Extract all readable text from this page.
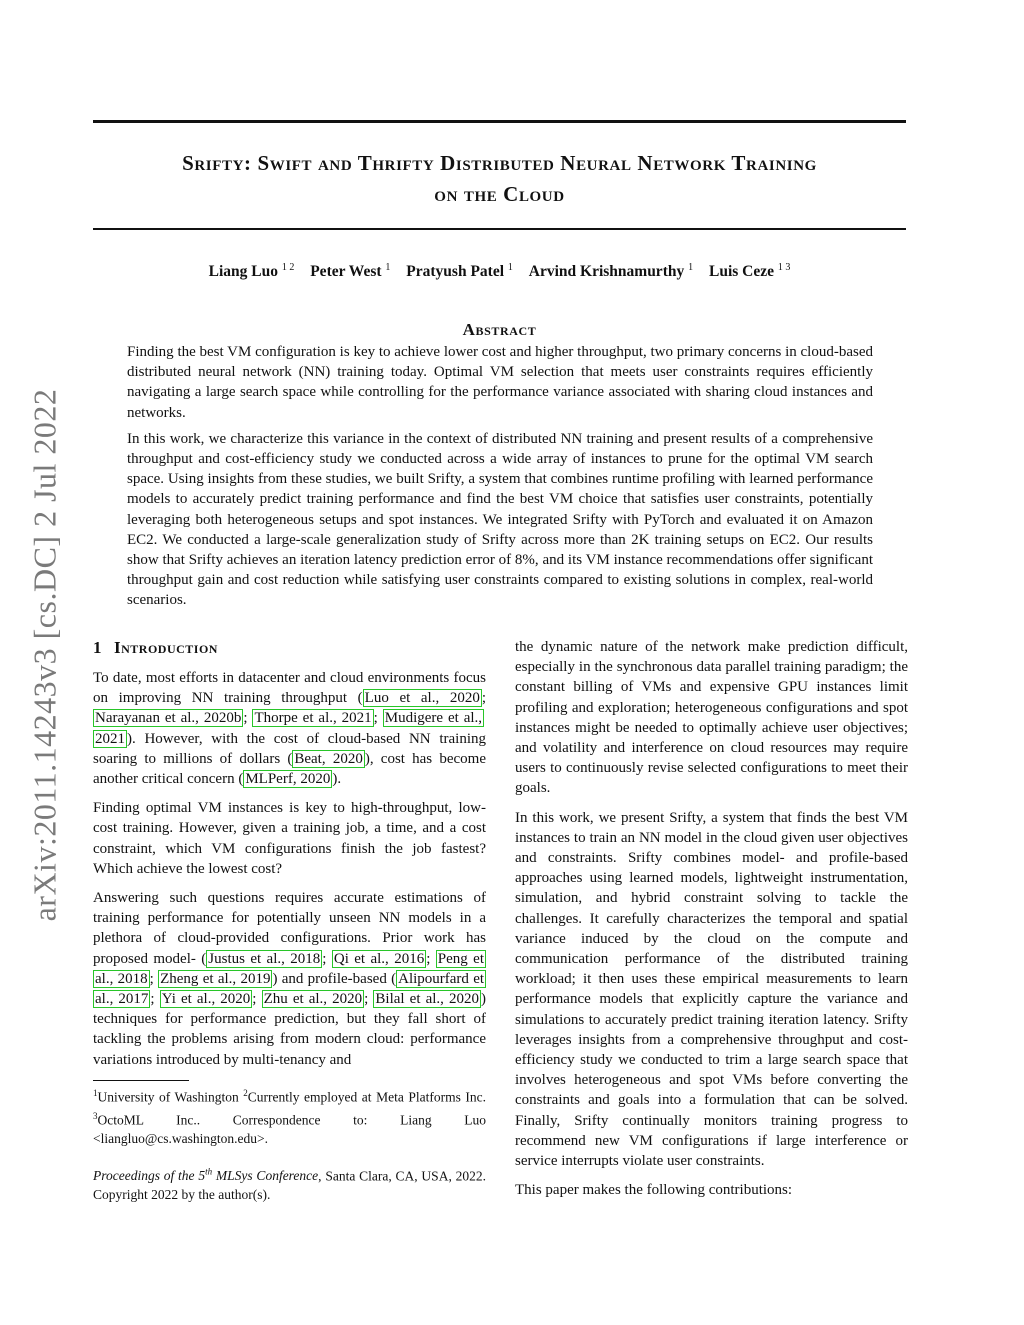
Srifty: Swift and Thrifty Distributed Neural Network Training
on the Cloud
Liang Luo $^{1 2}$ Peter West $^1$ Pratyush Patel $^1$ Arvind Krishnamurthy $^1$ Luis Ceze $^{1 3}$
Abstract

Finding the best VM configuration is key to achieve lower cost and higher throughput, two primary concerns in cloud-based distributed neural network (NN) training today. Optimal VM selection that meets user constraints requires efficiently navigating a large search space while controlling for the performance variance associated with sharing cloud instances and networks.

In this work, we characterize this variance in the context of distributed NN training and present results of a comprehensive throughput and cost-efficiency study we conducted across a wide array of instances to prune for the optimal VM search space. Using insights from these studies, we built Srifty, a system that combines runtime profiling with learned performance models to accurately predict training performance and find the best VM choice that satisfies user constraints, potentially leveraging both heterogeneous setups and spot instances. We integrated Srifty with PyTorch and evaluated it on Amazon EC2. We conducted a large-scale generalization study of Srifty across more than 2K training setups on EC2. Our results show that Srifty achieves an iteration latency prediction error of 8%, and its VM instance recommendations offer significant throughput gain and cost reduction while satisfying user constraints compared to existing solutions in complex, real-world scenarios.

arXiv:2011.14243v3 [cs.DC] 2 Jul 2022 1 Introduction

To date, most efforts in datacenter and cloud environments focus on improving NN training throughput ( Luo et al., 2020 ; Narayanan et al., 2020b ; Thorpe et al., 2021 ; Mudigere et al., 2021 ). However, with the cost of cloud-based NN training soaring to millions of dollars ( Beat, 2020 ), cost has become another critical concern ( MLPerf, 2020 ).

Finding optimal VM instances is key to high-throughput, low-cost training. However, given a training job, a time, and a cost constraint, which VM configurations finish the job fastest? Which achieve the lowest cost?

Answering such questions requires accurate estimations of training performance for potentially unseen NN models in a plethora of cloud-provided configurations. Prior work has proposed model- ( Justus et al., 2018 ; Qi et al., 2016 ; Peng et al., 2018 ; Zheng et al., 2019 ) and profile-based ( Alipourfard et al., 2017 ; Yi et al., 2020 ; Zhu et al., 2020 ; Bilal et al., 2020 ) techniques for performance prediction, but they fall short of tackling the problems arising from modern cloud: performance variations introduced by multi-tenancy and

$^1$University of Washington $^2$Currently employed at Meta Platforms Inc. $^3$OctoML Inc.. Correspondence to: Liang Luo <liangluo@cs.washington.edu>.

Proceedings of the 5th MLSys Conference, Santa Clara, CA, USA, 2022. Copyright 2022 by the author(s).

the dynamic nature of the network make prediction difficult, especially in the synchronous data parallel training paradigm; the constant billing of VMs and expensive GPU instances limit profiling and exploration; heterogeneous configurations and spot instances might be needed to optimally achieve user objectives; and volatility and interference on cloud resources may require users to continuously revise selected configurations to meet their goals.

In this work, we present Srifty, a system that finds the best VM instances to train an NN model in the cloud given user objectives and constraints. Srifty combines model- and profile-based approaches using learned models, lightweight instrumentation, simulation, and hybrid constraint solving to tackle the challenges. It carefully characterizes the temporal and spatial variance induced by the cloud on the compute and communication performance of the distributed training workload; it then uses these empirical measurements to learn performance models that explicitly capture the variance and simulations to accurately predict training iteration latency. Srifty leverages insights from a comprehensive throughput and cost-efficiency study we conducted to trim a large search space that involves heterogeneous and spot VMs before converting the constraints and goals into a formulation that can be solved. Finally, Srifty continually monitors training progress to recommend new VM configurations if large interference or service interrupts violate user constraints.

This paper makes the following contributions:
